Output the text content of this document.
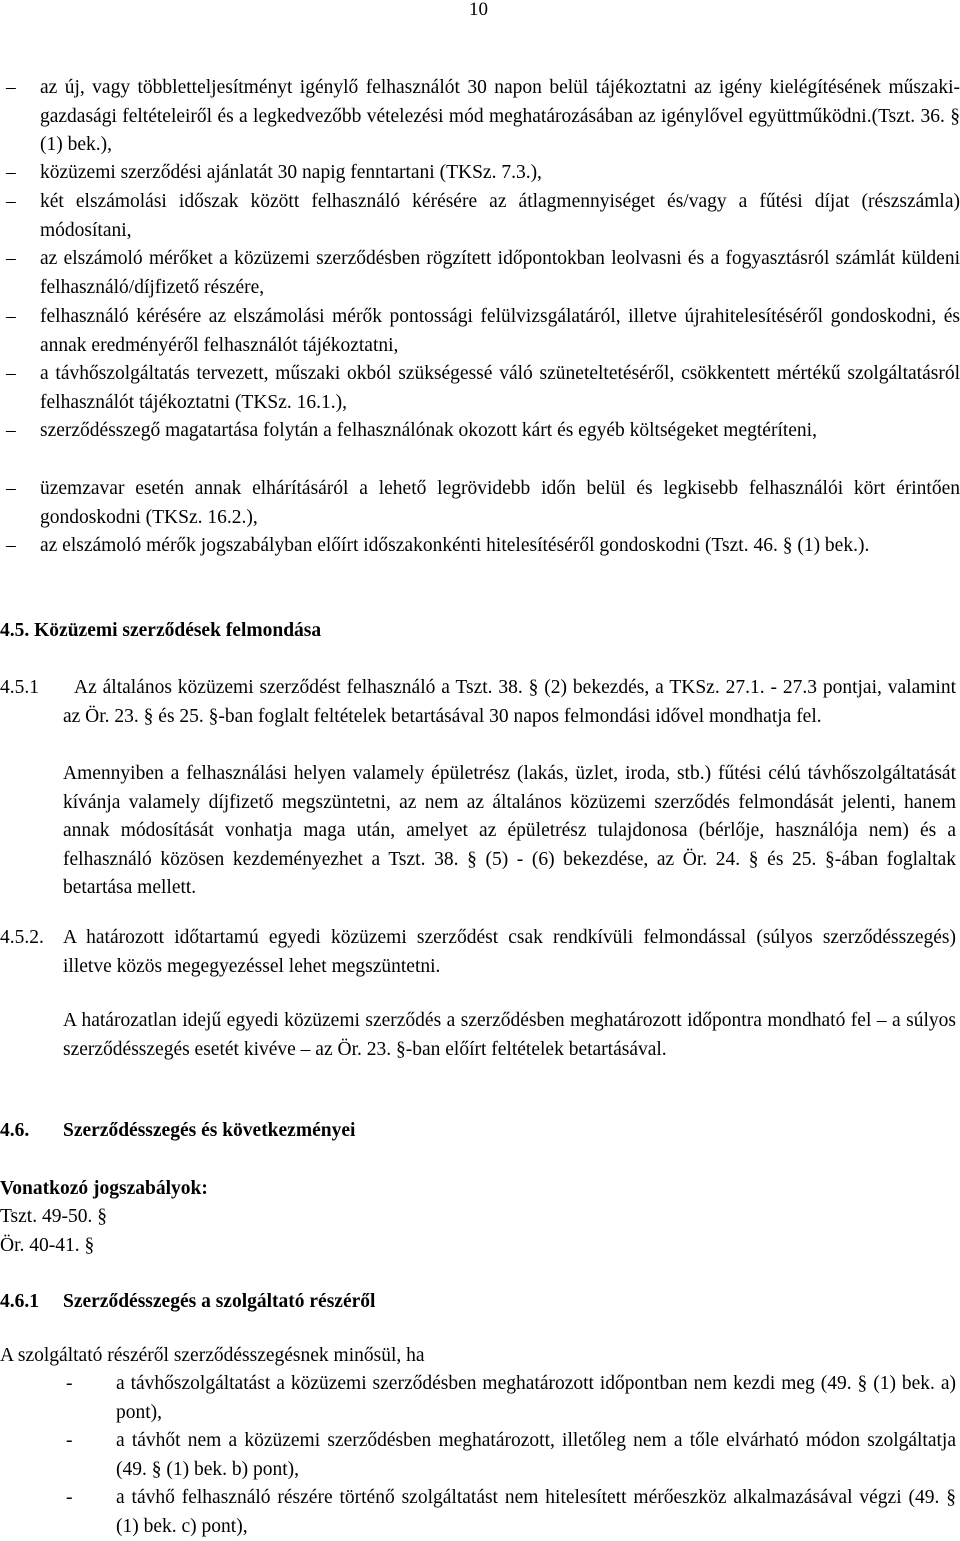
10
–	az új, vagy többletteljesítményt igénylő felhasználót 30 napon belül tájékoztatni az igény kielégítésének műszaki-gazdasági feltételeiről és a legkedvezőbb vételezési mód meghatározásában az igénylővel együttműködni.(Tszt. 36. § (1) bek.),
–	közüzemi szerződési ajánlatát 30 napig fenntartani (TKSz. 7.3.),
–	két elszámolási időszak között felhasználó kérésére az átlagmennyiséget és/vagy a fűtési díjat (részszámla) módosítani,
–	az elszámoló mérőket a közüzemi szerződésben rögzített időpontokban leolvasni és a fogyasztásról számlát küldeni felhasználó/díjfizető részére,
–	felhasználó kérésére az elszámolási mérők pontossági felülvizsgálatáról, illetve újrahitelesítéséről gondoskodni, és annak eredményéről felhasználót tájékoztatni,
–	a távhőszolgáltatás tervezett, műszaki okból szükségessé váló szüneteltetéséről, csökkentett mértékű szolgáltatásról felhasználót tájékoztatni (TKSz. 16.1.),
–	szerződésszegő magatartása folytán a felhasználónak okozott kárt és egyéb költségeket megtéríteni,
–	üzemzavar esetén annak elhárításáról a lehető legrövidebb időn belül és legkisebb felhasználói kört érintően gondoskodni (TKSz. 16.2.),
–	az elszámoló mérők jogszabályban előírt időszakonkénti hitelesítéséről gondoskodni (Tszt. 46. § (1) bek.).
4.5. Közüzemi szerződések felmondása
4.5.1	Az általános közüzemi szerződést felhasználó a Tszt. 38. § (2) bekezdés, a TKSz. 27.1. - 27.3 pontjai, valamint az Ör. 23. § és 25. §-ban foglalt feltételek betartásával 30 napos felmondási idővel mondhatja fel.
Amennyiben a felhasználási helyen valamely épületrész (lakás, üzlet, iroda, stb.) fűtési célú távhőszolgáltatását kívánja valamely díjfizető megszüntetni, az nem az általános közüzemi szerződés felmondását jelenti, hanem annak módosítását vonhatja maga után, amelyet az épületrész tulajdonosa (bérlője, használója nem) és a felhasználó közösen kezdeményezhet a Tszt. 38. § (5) - (6) bekezdése, az Ör. 24. § és 25. §-ában foglaltak betartása mellett.
4.5.2. A határozott időtartamú egyedi közüzemi szerződést csak rendkívüli felmondással (súlyos szerződésszegés) illetve közös megegyezéssel lehet megszüntetni.
A határozatlan idejű egyedi közüzemi szerződés a szerződésben meghatározott időpontra mondható fel – a súlyos szerződésszegés esetét kivéve – az Ör. 23. §-ban előírt feltételek betartásával.
4.6. Szerződésszegés és következményei
Vonatkozó jogszabályok:
Tszt. 49-50. §
Ör. 40-41. §
4.6.1 Szerződésszegés a szolgáltató részéről
A szolgáltató részéről szerződésszegésnek minősül, ha
- a távhőszolgáltatást a közüzemi szerződésben meghatározott időpontban nem kezdi meg (49. § (1) bek. a) pont),
- a távhőt nem a közüzemi szerződésben meghatározott, illetőleg nem a tőle elvárható módon szolgáltatja (49. § (1) bek. b) pont),
- a távhő felhasználó részére történő szolgáltatást nem hitelesített mérőeszköz alkalmazásával végzi (49. § (1) bek. c) pont),
